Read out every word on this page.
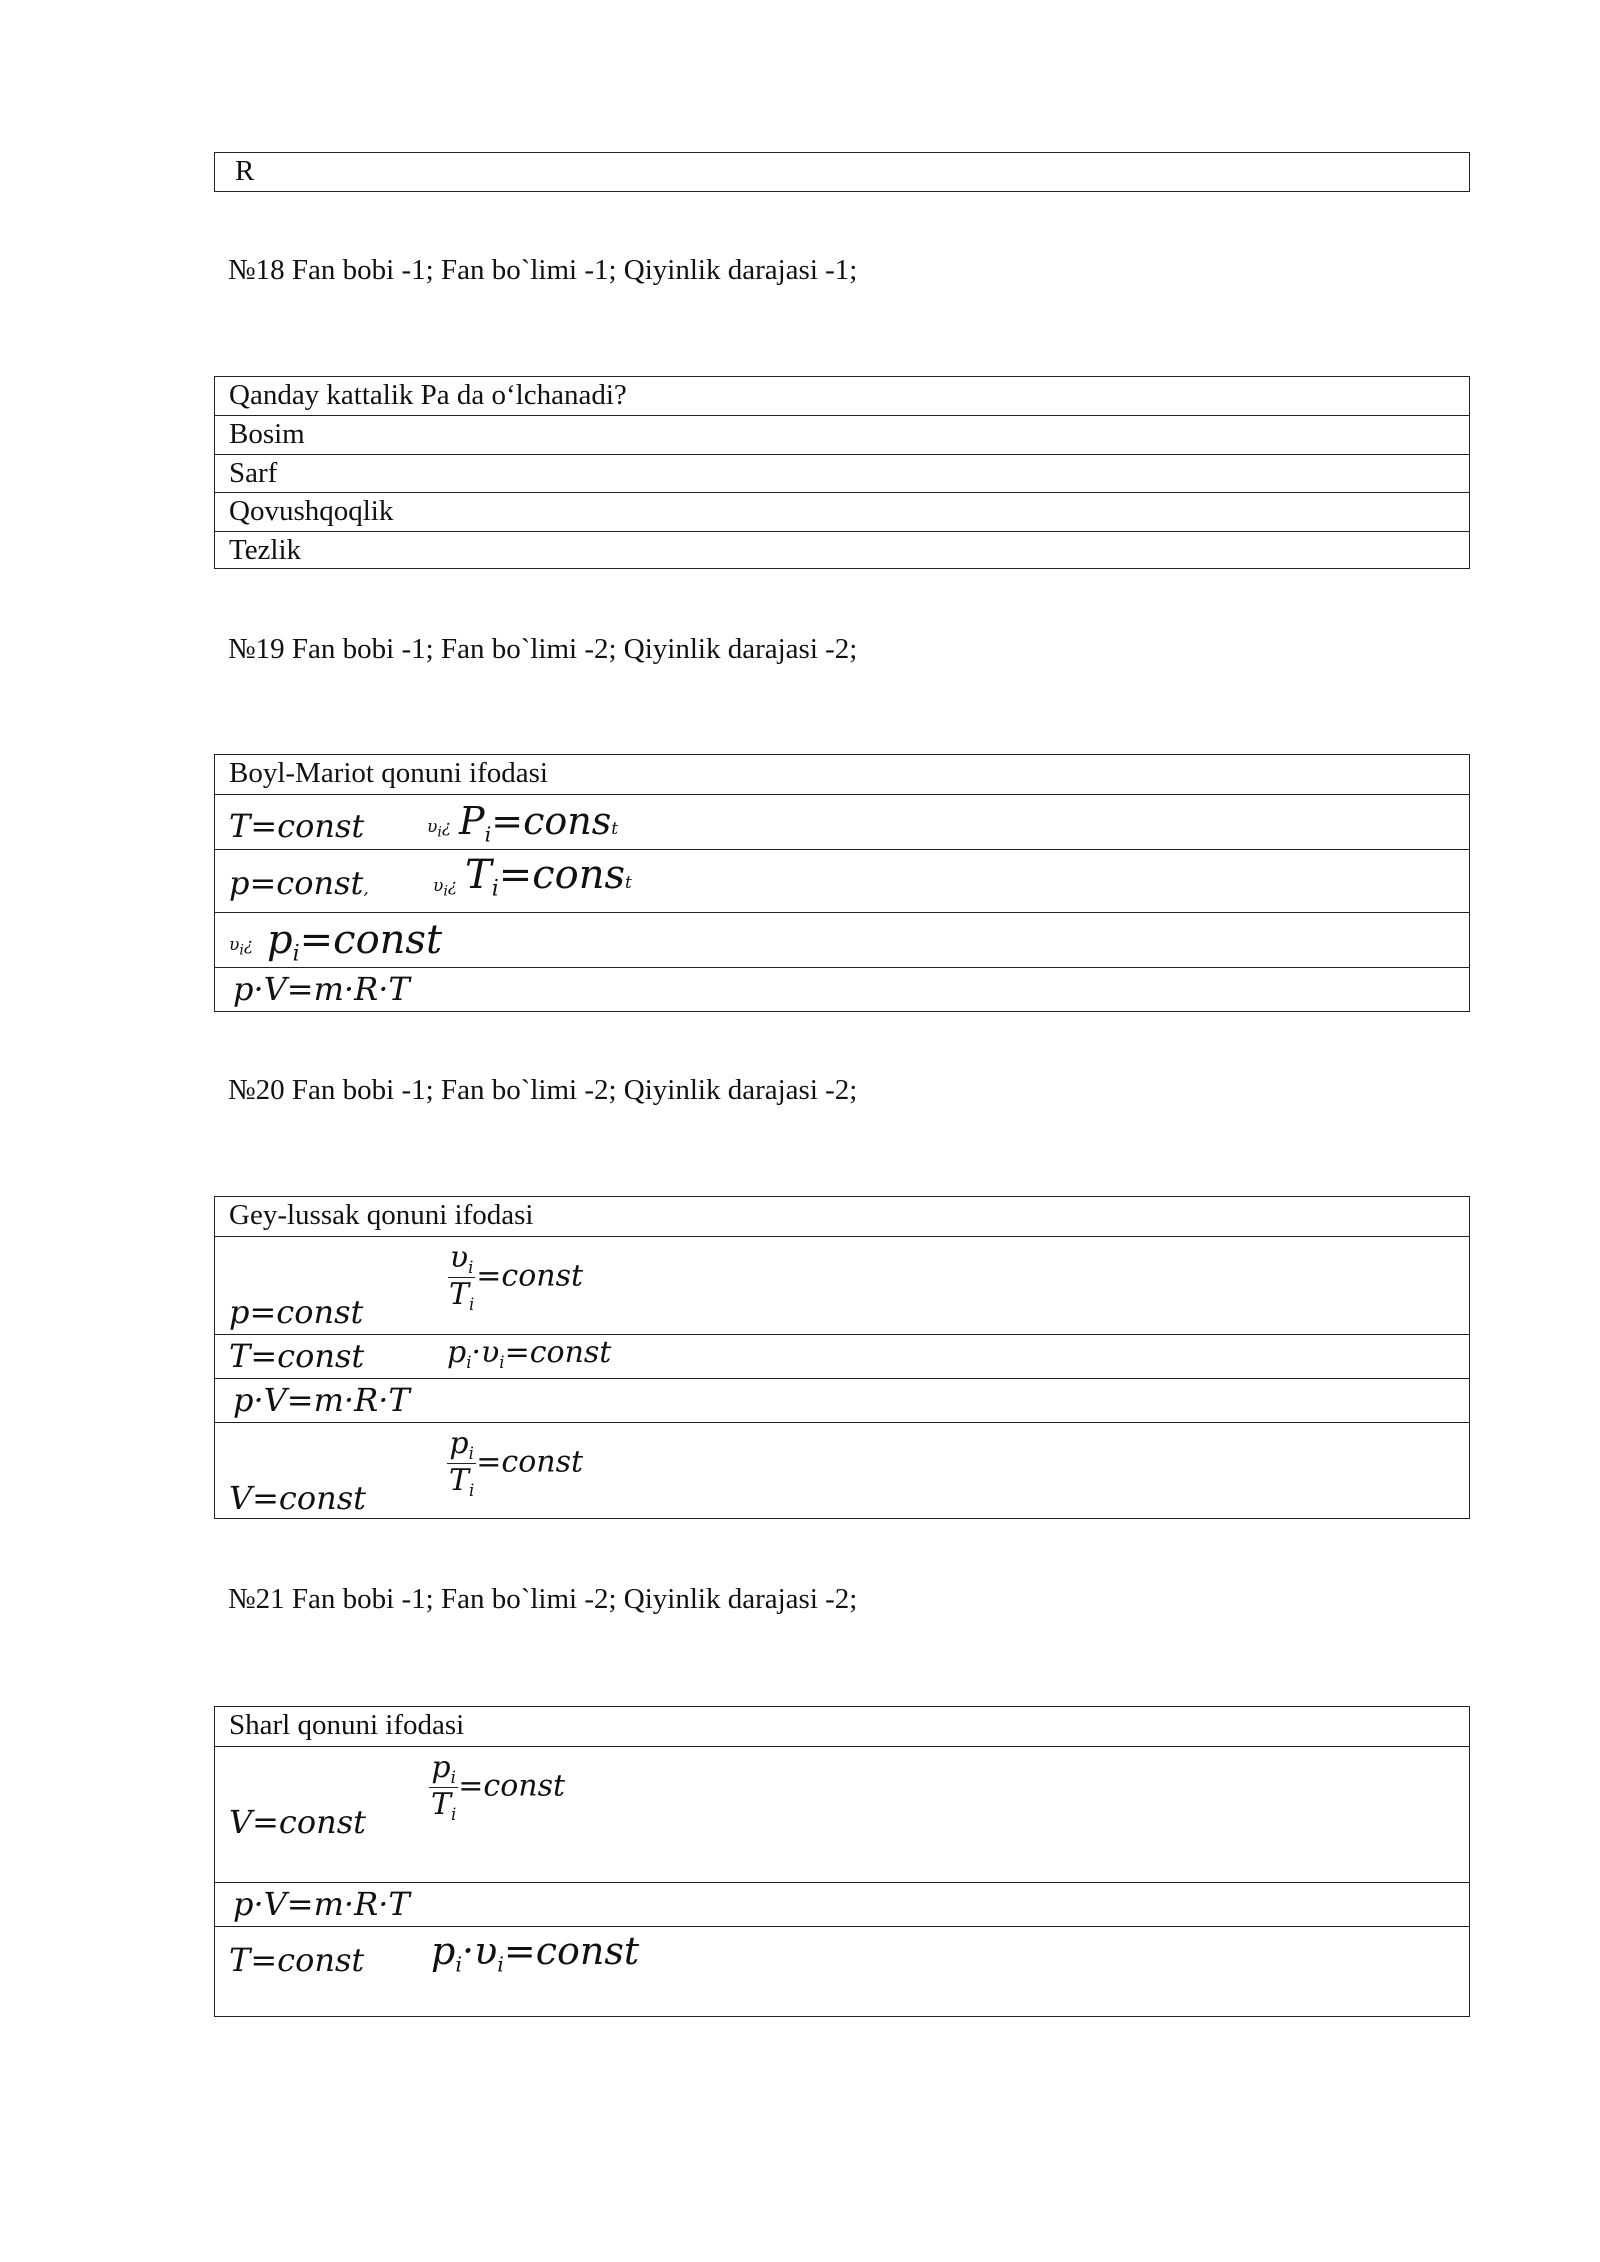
R
№18 Fan bobi -1; Fan bo`limi -1; Qiyinlik darajasi -1;
Qanday kattalik Pa da o‘lchanadi?
Bosim
Sarf
Qovushqoqlik
Tezlik
№19 Fan bobi -1; Fan bo`limi -2; Qiyinlik darajasi -2;
Boyl-Mariot qonuni ifodasi
T=const	$\upsilon_i¿$ $P_i=const$
p=const,	$\upsilon_i¿$ $T_i=const$
$\upsilon_i¿$ $p_i=const$
p·V=m·R·T
№20 Fan bobi -1; Fan bo`limi -2; Qiyinlik darajasi -2;
Gey-lussak qonuni ifodasi
p=const	$\frac{\upsilon_i}{T_i}$ =const
T=const	$p_i\cdot\upsilon_i=const$
p·V=m·R·T
V=const	$\frac{p_i}{T_i}$ =const
№21 Fan bobi -1; Fan bo`limi -2; Qiyinlik darajasi -2;
Sharl qonuni ifodasi
V=const $\frac{p_i}{T_i}$ =const
p·V=m·R·T
T=const $p_i\cdot\upsilon_i=const$
